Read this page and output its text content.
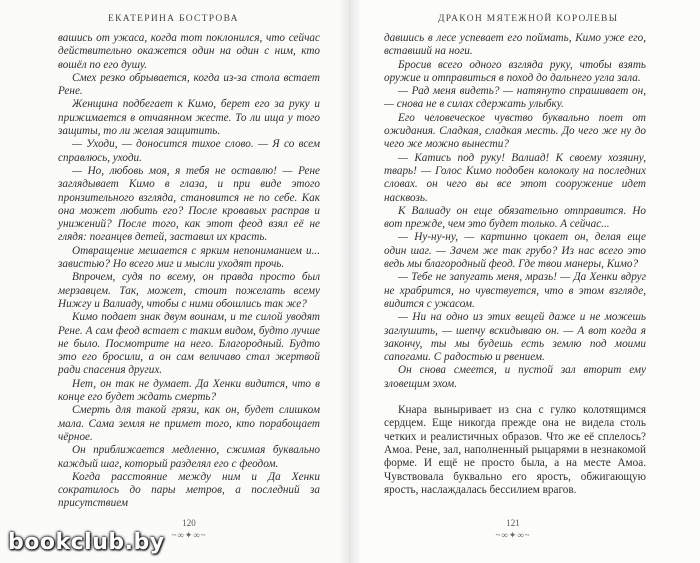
ЕКАТЕРИНА БОСТРОВА

вашись от ужаса, когда тот поклонился, что сейчас действительно окажется один на один с ним, кто вошёл по его душу.

Смех резко обрывается, когда из-за стола встает Рене.

Женщина подбегает к Кимо, берет его за руку и прижимается в отчаянном жесте. То ли ища у того защиты, то ли желая защитить.

— Уходи, — доносится тихое слово. — Я со всем справлюсь, уходи.

— Но, любовь моя, я тебя не оставлю! — Рене заглядывает Кимо в глаза, и при виде этого пронзительного взгляда, становится не по себе. Как она может любить его? После кровавых расправ и унижений? После того, как этот феод взял её не глядя: поганцев детей, заставил их красть.

Отвращение мешается с ярким непониманием и... завистью? Но всего миг и мысли уходят прочь.

Впрочем, судя по всему, он правда просто был мерзавцем. Так, может, стоит пожелать всему Нижгу и Валиаду, чтобы с ними обошлись так же?

Кимо подает знак двум воинам, и те силой уводят Рене. А сам феод встает с таким видом, будто лучше не было. Посмотрите на него. Благородный. Будто это его бросили, а он сам величаво стал жертвой ради спасения других.

Нет, он так не думает. Да Хенки видится, что в конце его будет ждать смерть?

Смерть для такой грязи, как он, будет слишком мала. Сама земля не примет того, кто порабощает чёрное.

Он приближается медленно, сжимая буквально каждый шаг, который разделял его с феодом.

Когда расстояние между ним и Да Хенки сократилось до пары метров, а последний за присутствием

120
~∞✦∞~
ДРАКОН МЯТЕЖНОЙ КОРОЛЕВЫ

давшись в лесе успевает его поймать, Кимо уже его, вставший на ноги.

Бросив всего одного взгляда руку, чтобы взять оружие и отправиться в поход до дальнего угла зала.

— Рад меня видеть? — натянуто спрашивает он, — снова не в силах сдержать улыбку.

Его человеческое чувство буквально поет от ожидания. Сладкая, сладкая месть. До чего же ну до чего же можно вынести?

— Катись под руку! Валиад! К своему хозяину, тварь! — Голос Кимо подобен колоколу на последних словах. он чего вы все этот сооружение идет насквозь.

К Валиаду он еще обязательно отправится. Но вот прежде, чем это будет только. А сейчас...

— Ну-ну-ну, — картинно цокает он, делая еще один шаг. — Зачем же так грубо? Из нас всего это ведь мы благородный феод. Где твои манеры, Кимо?

— Тебе не запугать меня, мразь! — Да Хенки вдруг не храбрится, но чувствуется, что в этом взгляде, видится с ужасом.

— Ни на одно из этих вещей даже и не можешь заглушить, — шепчу вскидываю он. — А вот когда я закончу, ты мы будешь есть землю под моими сапогами. С радостью и рвением.

Он снова смеется, и пустой зал вторит ему зловещим эхом.

Кнара выныривает из сна с гулко колотящимся сердцем. Еще никогда прежде она не видела столь четких и реалистичных образов. Что же её сплелось? Амоа. Рене, зал, наполненный рыцарями в незнакомой форме. И ещё не просто была, а на месте Амоа. Чувствовала буквально его ярость, обжигающую ярость, наслаждалась бессилием врагов.

121
~∞✦∞~
bookclub.by
